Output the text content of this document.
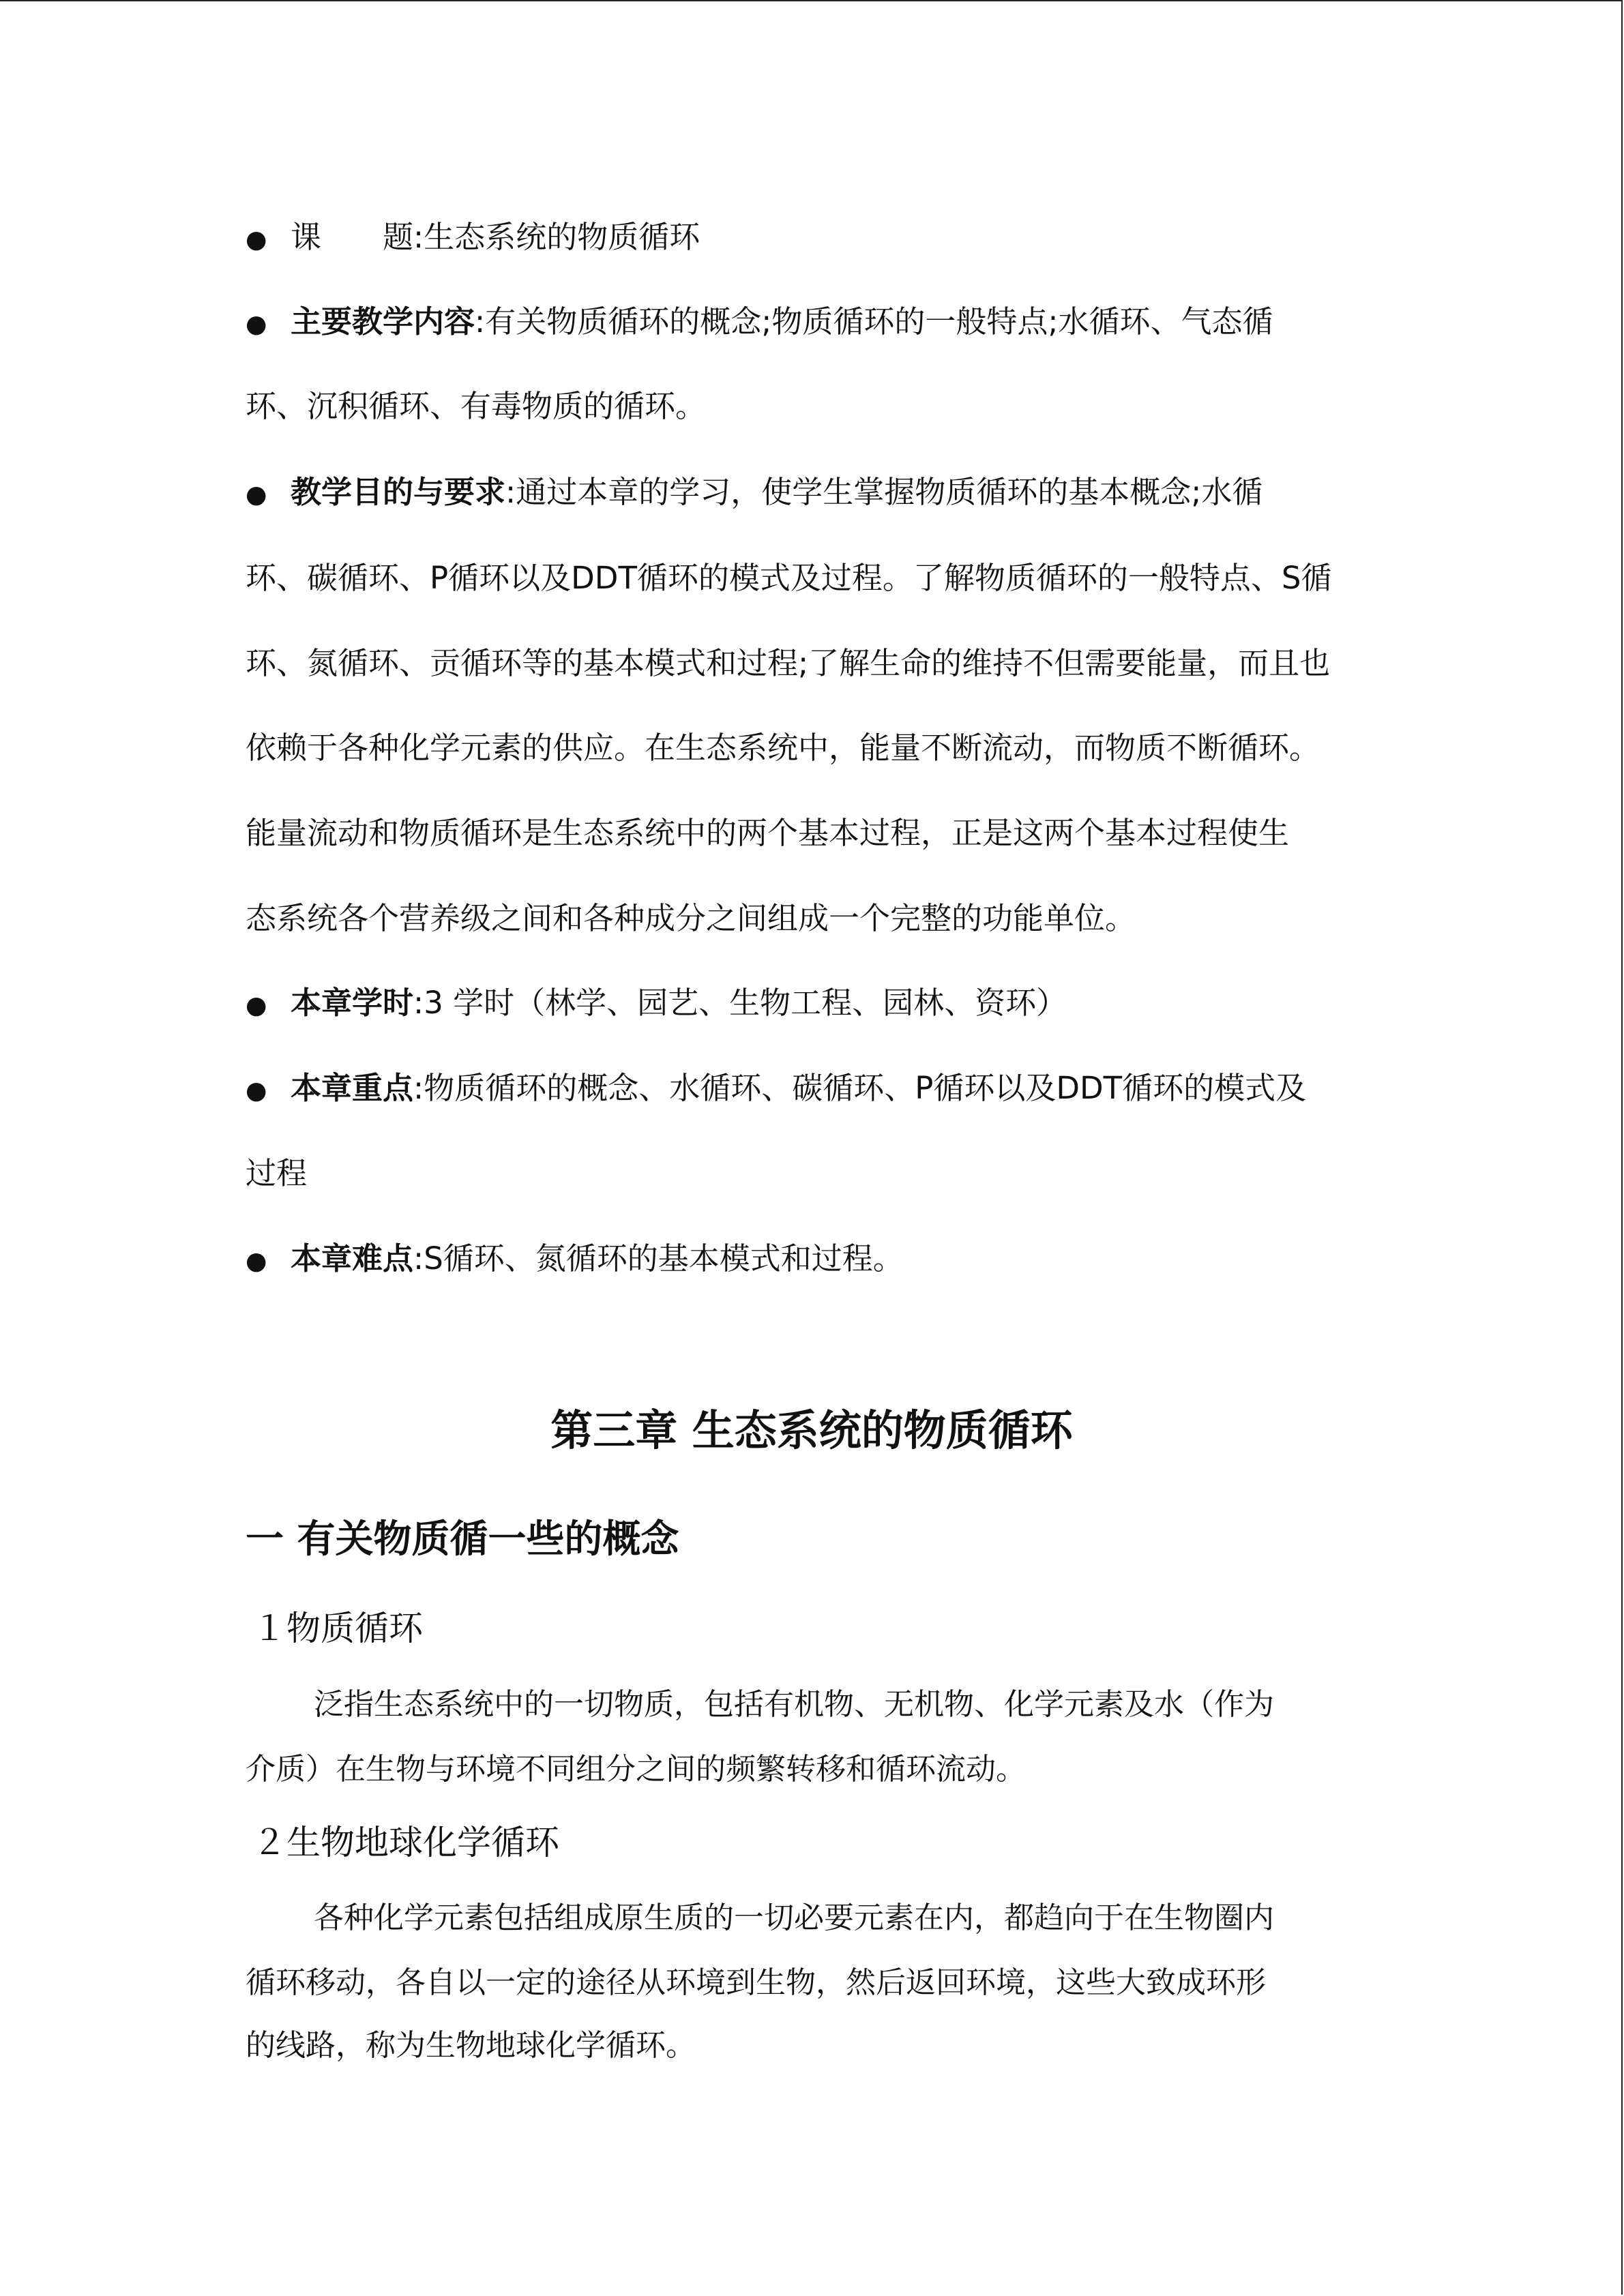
● 课　　题:生态系统的物质循环
● 主要教学内容:有关物质循环的概念;物质循环的一般特点;水循环、气态循
环、沉积循环、有毒物质的循环。
● 教学目的与要求:通过本章的学习，使学生掌握物质循环的基本概念;水循
环、碳循环、P循环以及DDT循环的模式及过程。了解物质循环的一般特点、S循
环、氮循环、贡循环等的基本模式和过程;了解生命的维持不但需要能量，而且也
依赖于各种化学元素的供应。在生态系统中，能量不断流动，而物质不断循环。
能量流动和物质循环是生态系统中的两个基本过程，正是这两个基本过程使生
态系统各个营养级之间和各种成分之间组成一个完整的功能单位。
● 本章学时:3 学时（林学、园艺、生物工程、园林、资环）
● 本章重点:物质循环的概念、水循环、碳循环、P循环以及DDT循环的模式及
过程
● 本章难点:S循环、氮循环的基本模式和过程。
第三章 生态系统的物质循环
一 有关物质循一些的概念
１物质循环
泛指生态系统中的一切物质，包括有机物、无机物、化学元素及水（作为
介质）在生物与环境不同组分之间的频繁转移和循环流动。
２生物地球化学循环
各种化学元素包括组成原生质的一切必要元素在内，都趋向于在生物圈内
循环移动，各自以一定的途径从环境到生物，然后返回环境，这些大致成环形
的线路，称为生物地球化学循环。
